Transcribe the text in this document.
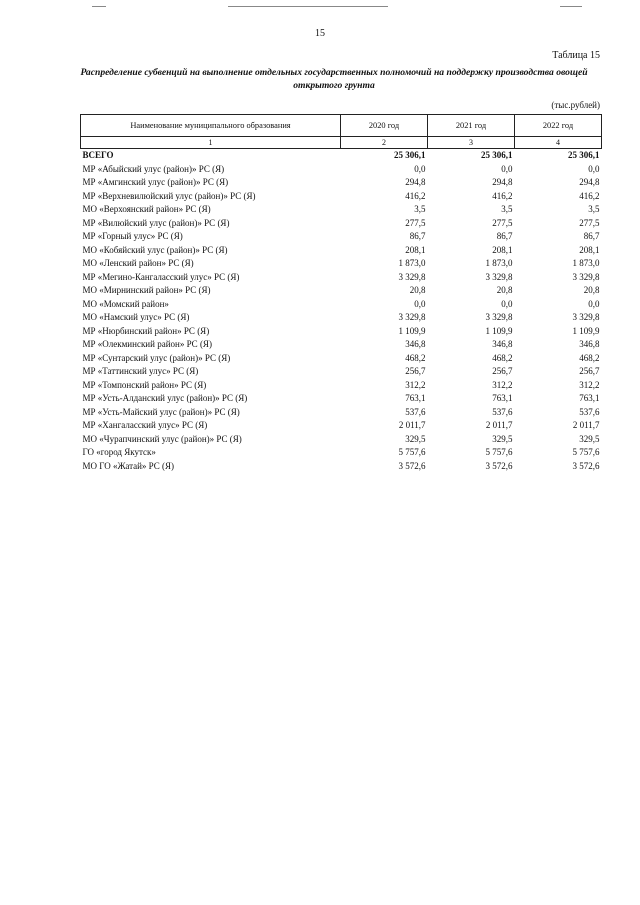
15
Таблица 15
Распределение субвенций на выполнение отдельных государственных полномочий на поддержку производства овощей открытого грунта
(тыс.рублей)
Наименование муниципального образования	2020 год	2021 год	2022 год
1	2	3	4
ВСЕГО	25 306,1	25 306,1	25 306,1
МР «Абыйский улус (район)» РС (Я)	0,0	0,0	0,0
МР «Амгинский улус (район)» РС (Я)	294,8	294,8	294,8
МР «Верхневилюйский улус (район)» РС (Я)	416,2	416,2	416,2
МО «Верхоянский район» РС (Я)	3,5	3,5	3,5
МР «Вилюйский улус (район)» РС (Я)	277,5	277,5	277,5
МР «Горный улус» РС (Я)	86,7	86,7	86,7
МО «Кобяйский улус (район)» РС (Я)	208,1	208,1	208,1
МО «Ленский район» РС (Я)	1 873,0	1 873,0	1 873,0
МР «Мегино-Кангаласский улус» РС (Я)	3 329,8	3 329,8	3 329,8
МО «Мирнинский район» РС (Я)	20,8	20,8	20,8
МО «Момский район»	0,0	0,0	0,0
МО «Намский улус» РС (Я)	3 329,8	3 329,8	3 329,8
МР «Нюрбинский район» РС (Я)	1 109,9	1 109,9	1 109,9
МР «Олекминский район» РС (Я)	346,8	346,8	346,8
МР «Сунтарский улус (район)» РС (Я)	468,2	468,2	468,2
МР «Таттинский улус» РС (Я)	256,7	256,7	256,7
МР «Томпонский район» РС (Я)	312,2	312,2	312,2
МР «Усть-Алданский улус (район)» РС (Я)	763,1	763,1	763,1
МР «Усть-Майский улус (район)» РС (Я)	537,6	537,6	537,6
МР «Хангаласский улус» РС (Я)	2 011,7	2 011,7	2 011,7
МО «Чурапчинский улус (район)» РС (Я)	329,5	329,5	329,5
ГО «город Якутск»	5 757,6	5 757,6	5 757,6
МО ГО «Жатай» РС (Я)	3 572,6	3 572,6	3 572,6
